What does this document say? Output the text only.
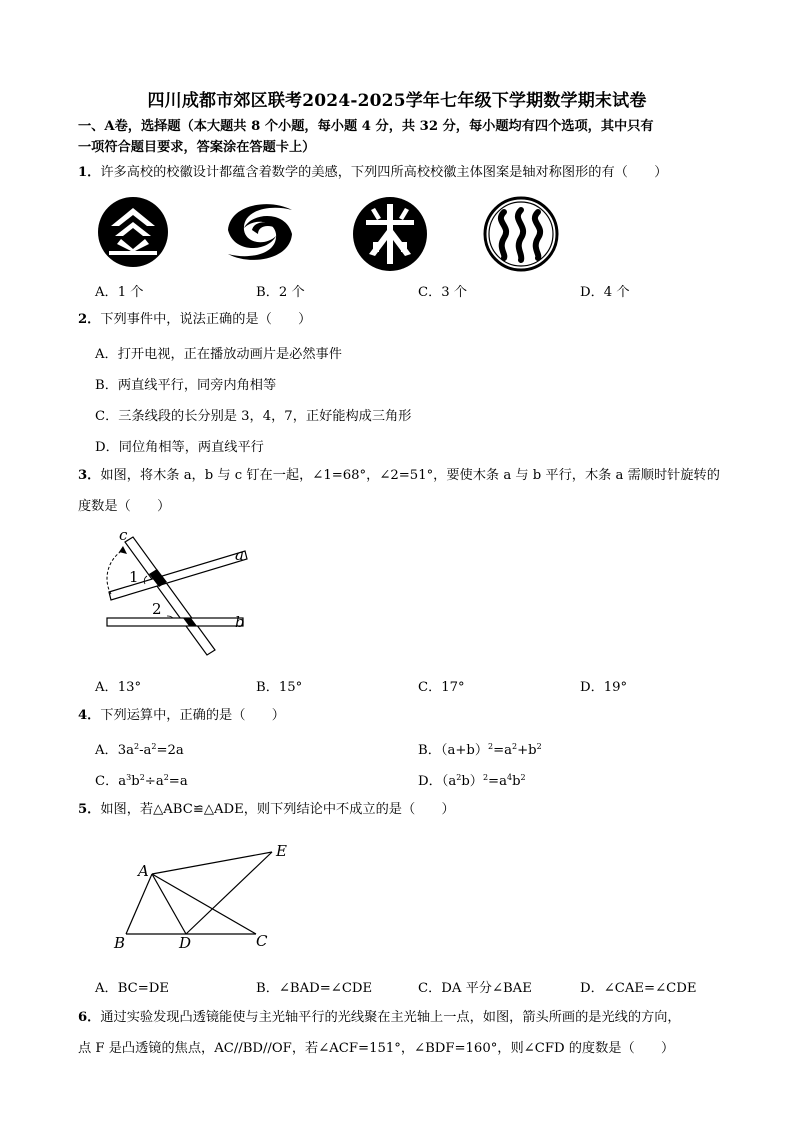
四川成都市郊区联考2024-2025学年七年级下学期数学期末试卷
一、A卷，选择题（本大题共 8 个小题，每小题 4 分，共 32 分，每小题均有四个选项，其中只有
一项符合题目要求，答案涂在答题卡上）
1．许多高校的校徽设计都蕴含着数学的美感，下列四所高校校徽主体图案是轴对称图形的有（　　）
A．1 个	B．2 个	C．3 个	D．4 个
2．下列事件中，说法正确的是（　　）
A．打开电视，正在播放动画片是必然事件
B．两直线平行，同旁内角相等
C．三条线段的长分别是 3，4，7，正好能构成三角形
D．同位角相等，两直线平行
3．如图，将木条 a，b 与 c 钉在一起，∠1=68°，∠2=51°，要使木条 a 与 b 平行，木条 a 需顺时针旋转的
度数是（　　）
c
a
b
1
2
A．13°	B．15°	C．17°	D．19°
4．下列运算中，正确的是（　　）
A．$3a^2-a^2=2a$	B．$(a+b)^2=a^2+b^2$
C．$a^3b^2\div a^2=a$	D．$(a^2b)^2=a^4b^2$
5．如图，若△ABC≌△ADE，则下列结论中不成立的是（　　）
A
B	D	C
E
A．BC=DE	B．∠BAD=∠CDE	C．DA 平分∠BAE	D．∠CAE=∠CDE
6．通过实验发现凸透镜能使与主光轴平行的光线聚在主光轴上一点，如图，箭头所画的是光线的方向，
点 F 是凸透镜的焦点，AC//BD//OF，若∠ACF=151°，∠BDF=160°，则∠CFD 的度数是（　　）
